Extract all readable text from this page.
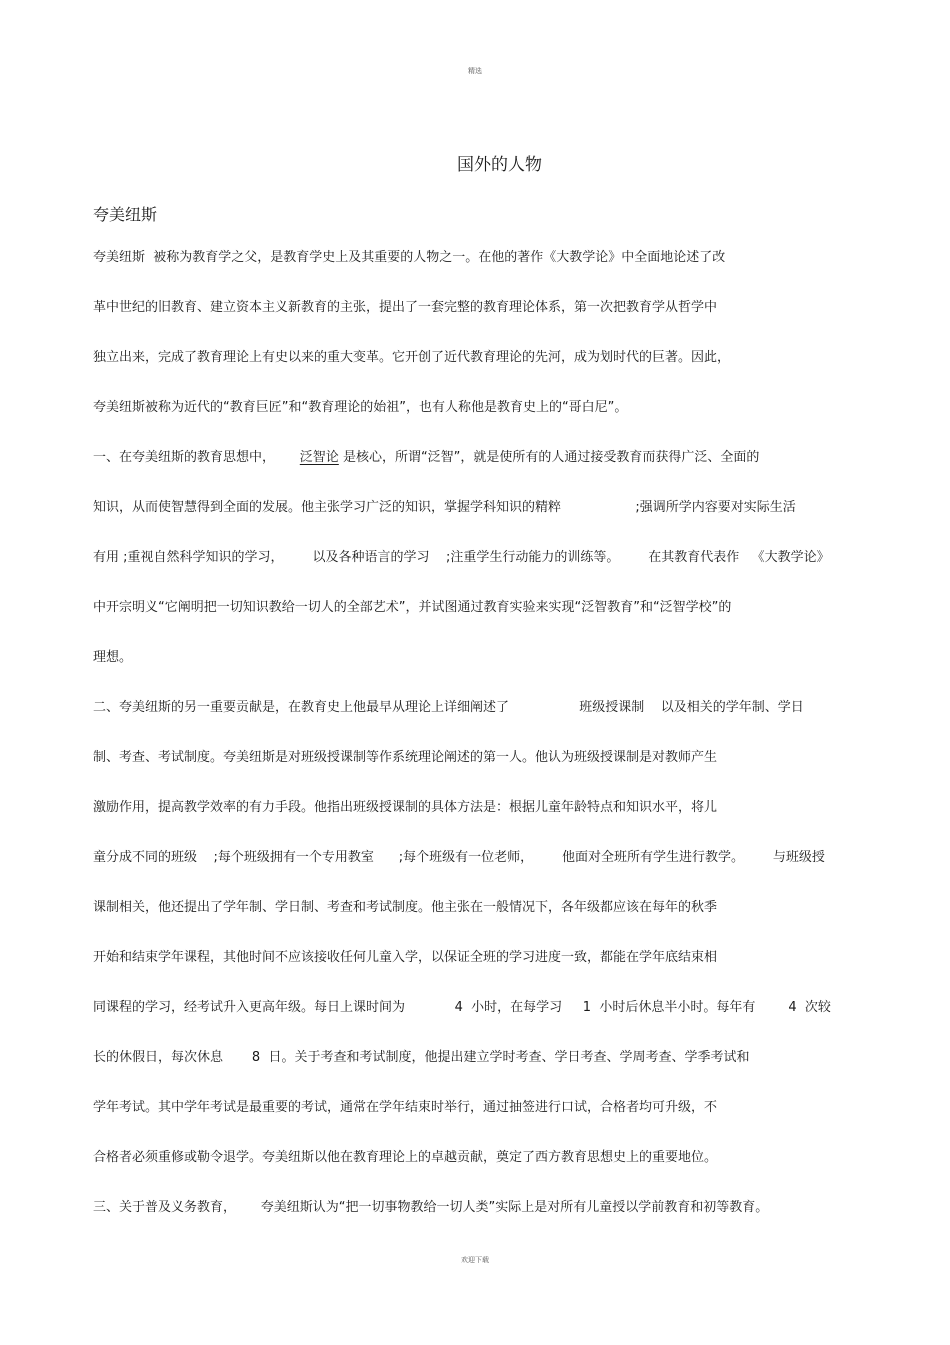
精选
国外的人物
夸美纽斯
夸美纽斯  被称为教育学之父，是教育学史上及其重要的人物之一。在他的著作《大教学论》中全面地论述了改
革中世纪的旧教育、建立资本主义新教育的主张，提出了一套完整的教育理论体系，第一次把教育学从哲学中
独立出来，完成了教育理论上有史以来的重大变革。它开创了近代教育理论的先河，成为划时代的巨著。因此，
夸美纽斯被称为近代的“教育巨匠”和“教育理论的始祖”，也有人称他是教育史上的“哥白尼”。
一、在夸美纽斯的教育思想中，      泛智论 是核心，所谓“泛智”，就是使所有的人通过接受教育而获得广泛、全面的
知识，从而使智慧得到全面的发展。他主张学习广泛的知识，掌握学科知识的精粹                  ;强调所学内容要对实际生活
有用 ;重视自然科学知识的学习，       以及各种语言的学习    ;注重学生行动能力的训练等。       在其教育代表作   《大教学论》
中开宗明义“它阐明把一切知识教给一切人的全部艺术”，并试图通过教育实验来实现“泛智教育”和“泛智学校”的
理想。
二、夸美纽斯的另一重要贡献是，在教育史上他最早从理论上详细阐述了                 班级授课制    以及相关的学年制、学日
制、考查、考试制度。夸美纽斯是对班级授课制等作系统理论阐述的第一人。他认为班级授课制是对教师产生
激励作用，提高教学效率的有力手段。他指出班级授课制的具体方法是：根据儿童年龄特点和知识水平，将儿
童分成不同的班级    ;每个班级拥有一个专用教室      ;每个班级有一位老师，       他面对全班所有学生进行教学。       与班级授
课制相关，他还提出了学年制、学日制、考查和考试制度。他主张在一般情况下，各年级都应该在每年的秋季
开始和结束学年课程，其他时间不应该接收任何儿童入学，以保证全班的学习进度一致，都能在学年底结束相
同课程的学习，经考试升入更高年级。每日上课时间为            4  小时，在每学习     1  小时后休息半小时。每年有        4  次较
长的休假日，每次休息       8  日。关于考查和考试制度，他提出建立学时考查、学日考查、学周考查、学季考试和
学年考试。其中学年考试是最重要的考试，通常在学年结束时举行，通过抽签进行口试，合格者均可升级，不
合格者必须重修或勒令退学。夸美纽斯以他在教育理论上的卓越贡献，奠定了西方教育思想史上的重要地位。
三、关于普及义务教育，      夸美纽斯认为“把一切事物教给一切人类”实际上是对所有儿童授以学前教育和初等教育。
欢迎下载
